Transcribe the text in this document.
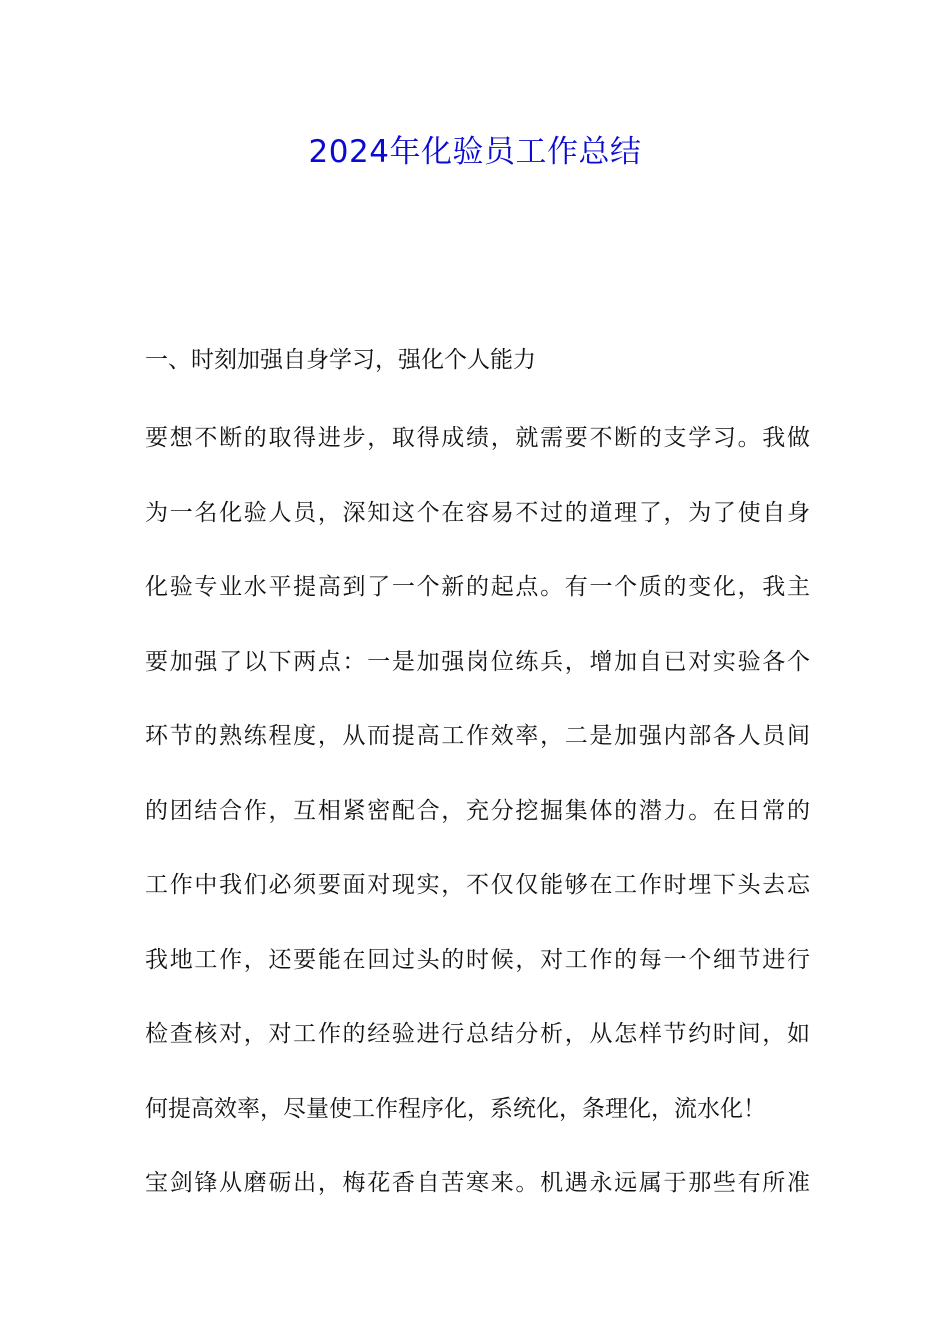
2024年化验员工作总结
一、时刻加强自身学习，强化个人能力
要想不断的取得进步，取得成绩，就需要不断的支学习。我做
为一名化验人员，深知这个在容易不过的道理了，为了使自身
化验专业水平提高到了一个新的起点。有一个质的变化，我主
要加强了以下两点：一是加强岗位练兵，增加自已对实验各个
环节的熟练程度，从而提高工作效率，二是加强内部各人员间
的团结合作，互相紧密配合，充分挖掘集体的潜力。在日常的
工作中我们必须要面对现实，不仅仅能够在工作时埋下头去忘
我地工作，还要能在回过头的时候，对工作的每一个细节进行
检查核对，对工作的经验进行总结分析，从怎样节约时间，如
何提高效率，尽量使工作程序化，系统化，条理化，流水化！
宝剑锋从磨砺出，梅花香自苦寒来。机遇永远属于那些有所准
